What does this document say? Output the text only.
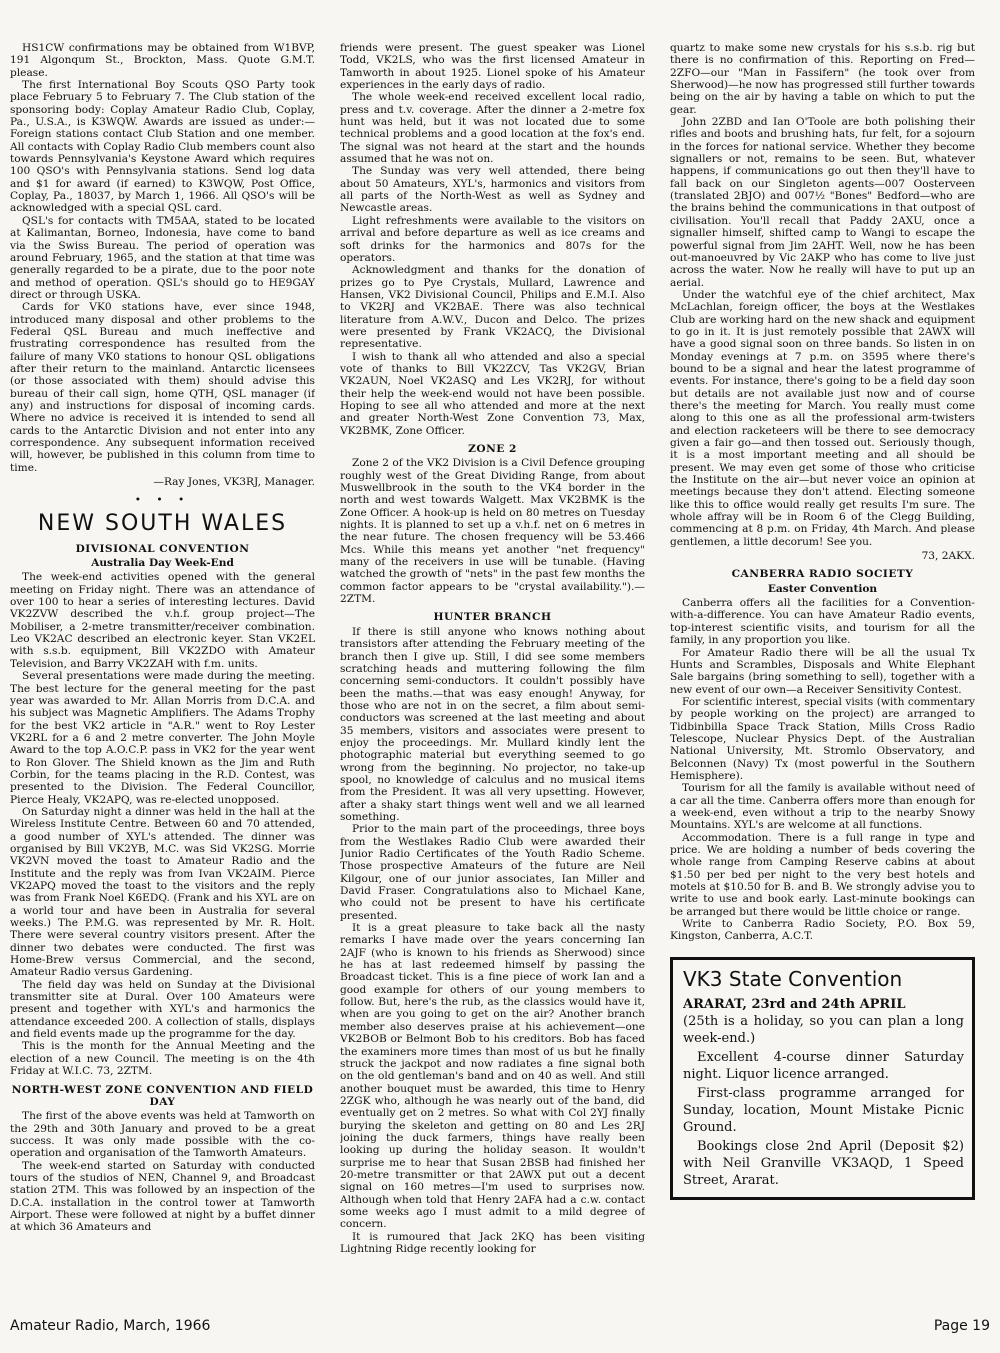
HS1CW confirmations may be obtained from W1BVP, 191 Algonqum St., Brockton, Mass. Quote G.M.T. please.

The first International Boy Scouts QSO Party took place February 5 to February 7. The Club station of the sponsoring body: Coplay Amateur Radio Club, Coplay, Pa., U.S.A., is K3WQW. Awards are issued as under:— Foreign stations contact Club Station and one member. All contacts with Coplay Radio Club members count also towards Pennsylvania's Keystone Award which requires 100 QSO's with Pennsylvania stations. Send log data and $1 for award (if earned) to K3WQW, Post Office, Coplay, Pa., 18037, by March 1, 1966. All QSO's will be acknowledged with a special QSL card.

QSL's for contacts with TM5AA, stated to be located at Kalimantan, Borneo, Indonesia, have come to band via the Swiss Bureau. The period of operation was around February, 1965, and the station at that time was generally regarded to be a pirate, due to the poor note and method of operation. QSL's should go to HE9GAY direct or through USKA.

Cards for VK0 stations have, ever since 1948, introduced many disposal and other problems to the Federal QSL Bureau and much ineffective and frustrating correspondence has resulted from the failure of many VK0 stations to honour QSL obligations after their return to the mainland. Antarctic licensees (or those associated with them) should advise this bureau of their call sign, home QTH, QSL manager (if any) and instructions for disposal of incoming cards. Where no advice is received it is intended to send all cards to the Antarctic Division and not enter into any correspondence. Any subsequent information received will, however, be published in this column from time to time.

—Ray Jones, VK3RJ, Manager.

• • •
NEW SOUTH WALES
DIVISIONAL CONVENTION
Australia Day Week-End

The week-end activities opened with the general meeting on Friday night. There was an attendance of over 100 to hear a series of interesting lectures. David VK2ZVW described the v.h.f. group project—The Mobiliser, a 2-metre transmitter/receiver combination. Leo VK2AC described an electronic keyer. Stan VK2EL with s.s.b. equipment, Bill VK2ZDO with Amateur Television, and Barry VK2ZAH with f.m. units.

Several presentations were made during the meeting. The best lecture for the general meeting for the past year was awarded to Mr. Allan Morris from D.C.A. and his subject was Magnetic Amplifiers. The Adams Trophy for the best VK2 article in "A.R." went to Roy Lester VK2RL for a 6 and 2 metre converter. The John Moyle Award to the top A.O.C.P. pass in VK2 for the year went to Ron Glover. The Shield known as the Jim and Ruth Corbin, for the teams placing in the R.D. Contest, was presented to the Division. The Federal Councillor, Pierce Healy, VK2APQ, was re-elected unopposed.

On Saturday night a dinner was held in the hall at the Wireless Institute Centre. Between 60 and 70 attended, a good number of XYL's attended. The dinner was organised by Bill VK2YB, M.C. was Sid VK2SG. Morrie VK2VN moved the toast to Amateur Radio and the Institute and the reply was from Ivan VK2AIM. Pierce VK2APQ moved the toast to the visitors and the reply was from Frank Noel K6EDQ. (Frank and his XYL are on a world tour and have been in Australia for several weeks.) The P.M.G. was represented by Mr. R. Holt. There were several country visitors present. After the dinner two debates were conducted. The first was Home-Brew versus Commercial, and the second, Amateur Radio versus Gardening.

The field day was held on Sunday at the Divisional transmitter site at Dural. Over 100 Amateurs were present and together with XYL's and harmonics the attendance exceeded 200. A collection of stalls, displays and field events made up the programme for the day.

This is the month for the Annual Meeting and the election of a new Council. The meeting is on the 4th Friday at W.I.C. 73, 2ZTM.

NORTH-WEST ZONE CONVENTION AND FIELD DAY

The first of the above events was held at Tamworth on the 29th and 30th January and proved to be a great success. It was only made possible with the co-operation and organisation of the Tamworth Amateurs.

The week-end started on Saturday with conducted tours of the studios of NEN, Channel 9, and Broadcast station 2TM. This was followed by an inspection of the D.C.A. installation in the control tower at Tamworth Airport. These were followed at night by a buffet dinner at which 36 Amateurs and

friends were present. The guest speaker was Lionel Todd, VK2LS, who was the first licensed Amateur in Tamworth in about 1925. Lionel spoke of his Amateur experiences in the early days of radio.

The whole week-end received excellent local radio, press and t.v. coverage. After the dinner a 2-metre fox hunt was held, but it was not located due to some technical problems and a good location at the fox's end. The signal was not heard at the start and the hounds assumed that he was not on.

The Sunday was very well attended, there being about 50 Amateurs, XYL's, harmonics and visitors from all parts of the North-West as well as Sydney and Newcastle areas.

Light refreshments were available to the visitors on arrival and before departure as well as ice creams and soft drinks for the harmonics and 807s for the operators.

Acknowledgment and thanks for the donation of prizes go to Pye Crystals, Mullard, Lawrence and Hansen, VK2 Divisional Council, Philips and E.M.I. Also to VK2RJ and VK2BAE. There was also technical literature from A.W.V., Ducon and Delco. The prizes were presented by Frank VK2ACQ, the Divisional representative.

I wish to thank all who attended and also a special vote of thanks to Bill VK2ZCV, Tas VK2GV, Brian VK2AUN, Noel VK2ASQ and Les VK2RJ, for without their help the week-end would not have been possible. Hoping to see all who attended and more at the next and greater North-West Zone Convention 73, Max, VK2BMK, Zone Officer.

ZONE 2

Zone 2 of the VK2 Division is a Civil Defence grouping roughly west of the Great Dividing Range, from about Muswellbrook in the south to the VK4 border in the north and west towards Walgett. Max VK2BMK is the Zone Officer. A hook-up is held on 80 metres on Tuesday nights. It is planned to set up a v.h.f. net on 6 metres in the near future. The chosen frequency will be 53.466 Mcs. While this means yet another "net frequency" many of the receivers in use will be tunable. (Having watched the growth of "nets" in the past few months the common factor appears to be "crystal availability.").—2ZTM.

HUNTER BRANCH

If there is still anyone who knows nothing about transistors after attending the February meeting of the branch then I give up. Still, I did see some members scratching heads and muttering following the film concerning semi-conductors. It couldn't possibly have been the maths.—that was easy enough! Anyway, for those who are not in on the secret, a film about semi-conductors was screened at the last meeting and about 35 members, visitors and associates were present to enjoy the proceedings. Mr. Mullard kindly lent the photographic material but everything seemed to go wrong from the beginning. No projector, no take-up spool, no knowledge of calculus and no musical items from the President. It was all very upsetting. However, after a shaky start things went well and we all learned something.

Prior to the main part of the proceedings, three boys from the Westlakes Radio Club were awarded their Junior Radio Certificates of the Youth Radio Scheme. Those prospective Amateurs of the future are Neil Kilgour, one of our junior associates, Ian Miller and David Fraser. Congratulations also to Michael Kane, who could not be present to have his certificate presented.

It is a great pleasure to take back all the nasty remarks I have made over the years concerning Ian 2AJF (who is known to his friends as Sherwood) since he has at last redeemed himself by passing the Broadcast ticket. This is a fine piece of work Ian and a good example for others of our young members to follow. But, here's the rub, as the classics would have it, when are you going to get on the air? Another branch member also deserves praise at his achievement—one VK2BOB or Belmont Bob to his creditors. Bob has faced the examiners more times than most of us but he finally struck the jackpot and now radiates a fine signal both on the old gentleman's band and on 40 as well. And still another bouquet must be awarded, this time to Henry 2ZGK who, although he was nearly out of the band, did eventually get on 2 metres. So what with Col 2YJ finally burying the skeleton and getting on 80 and Les 2RJ joining the duck farmers, things have really been looking up during the holiday season. It wouldn't surprise me to hear that Susan 2BSB had finished her 20-metre transmitter or that 2AWX put out a decent signal on 160 metres—I'm used to surprises now. Although when told that Henry 2AFA had a c.w. contact some weeks ago I must admit to a mild degree of concern.

It is rumoured that Jack 2KQ has been visiting Lightning Ridge recently looking for

quartz to make some new crystals for his s.s.b. rig but there is no confirmation of this. Reporting on Fred—2ZFO—our "Man in Fassifern" (he took over from Sherwood)—he now has progressed still further towards being on the air by having a table on which to put the gear.

John 2ZBD and Ian O'Toole are both polishing their rifles and boots and brushing hats, fur felt, for a sojourn in the forces for national service. Whether they become signallers or not, remains to be seen. But, whatever happens, if communications go out then they'll have to fall back on our Singleton agents—007 Oosterveen (translated 2BJO) and 007½ "Bones" Bedford—who are the brains behind the communications in that outpost of civilisation. You'll recall that Paddy 2AXU, once a signaller himself, shifted camp to Wangi to escape the powerful signal from Jim 2AHT. Well, now he has been out-manoeuvred by Vic 2AKP who has come to live just across the water. Now he really will have to put up an aerial.

Under the watchful eye of the chief architect, Max McLachlan, foreign officer, the boys at the Westlakes Club are working hard on the new shack and equipment to go in it. It is just remotely possible that 2AWX will have a good signal soon on three bands. So listen in on Monday evenings at 7 p.m. on 3595 where there's bound to be a signal and hear the latest programme of events. For instance, there's going to be a field day soon but details are not available just now and of course there's the meeting for March. You really must come along to this one as all the professional arm-twisters and election racketeers will be there to see democracy given a fair go—and then tossed out. Seriously though, it is a most important meeting and all should be present. We may even get some of those who criticise the Institute on the air—but never voice an opinion at meetings because they don't attend. Electing someone like this to office would really get results I'm sure. The whole affray will be in Room 6 of the Clegg Building, commencing at 8 p.m. on Friday, 4th March. And please gentlemen, a little decorum! See you.

73, 2AKX.

CANBERRA RADIO SOCIETY
Easter Convention

Canberra offers all the facilities for a Convention-with-a-difference. You can have Amateur Radio events, top-interest scientific visits, and tourism for all the family, in any proportion you like.

For Amateur Radio there will be all the usual Tx Hunts and Scrambles, Disposals and White Elephant Sale bargains (bring something to sell), together with a new event of our own—a Receiver Sensitivity Contest.

For scientific interest, special visits (with commentary by people working on the project) are arranged to Tidbinbilla Space Track Station, Mills Cross Radio Telescope, Nuclear Physics Dept. of the Australian National University, Mt. Stromlo Observatory, and Belconnen (Navy) Tx (most powerful in the Southern Hemisphere).

Tourism for all the family is available without need of a car all the time. Canberra offers more than enough for a week-end, even without a trip to the nearby Snowy Mountains. XYL's are welcome at all functions.

Accommodation. There is a full range in type and price. We are holding a number of beds covering the whole range from Camping Reserve cabins at about $1.50 per bed per night to the very best hotels and motels at $10.50 for B. and B. We strongly advise you to write to use and book early. Last-minute bookings can be arranged but there would be little choice or range.

Write to Canberra Radio Society, P.O. Box 59, Kingston, Canberra, A.C.T.

VK3 State Convention
ARARAT, 23rd and 24th APRIL

(25th is a holiday, so you can plan a long week-end.)

Excellent 4-course dinner Saturday night. Liquor licence arranged.

First-class programme arranged for Sunday, location, Mount Mistake Picnic Ground.

Bookings close 2nd April (Deposit $2) with Neil Granville VK3AQD, 1 Speed Street, Ararat.

Amateur Radio, March, 1966	Page 19
